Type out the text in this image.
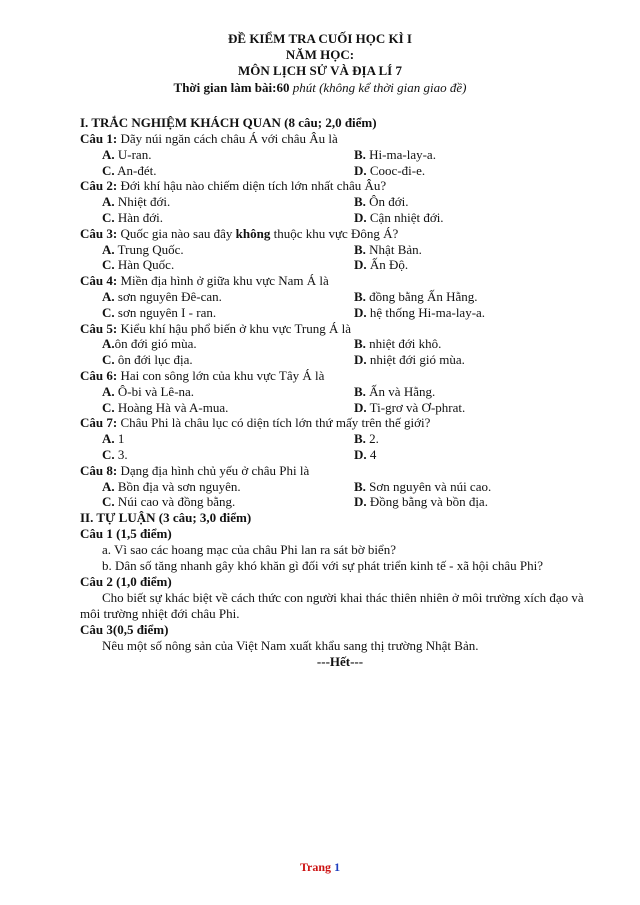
ĐỀ KIỂM TRA CUỐI HỌC KÌ I
NĂM HỌC:
MÔN LỊCH SỬ VÀ ĐỊA LÍ 7
Thời gian làm bài:60 phút (không kể thời gian giao đề)
I. TRẮC NGHIỆM KHÁCH QUAN (8 câu; 2,0 điểm)
Câu 1: Dãy núi ngăn cách châu Á với châu Âu là
A. U-ran.	B. Hi-ma-lay-a.
C. An-đét.	D. Cooc-đi-e.
Câu 2: Đới khí hậu nào chiếm diện tích lớn nhất châu Âu?
A. Nhiệt đới.	B. Ôn đới.
C. Hàn đới.	D. Cận nhiệt đới.
Câu 3: Quốc gia nào sau đây không thuộc khu vực Đông Á?
A. Trung Quốc.	B. Nhật Bản.
C. Hàn Quốc.	D. Ấn Độ.
Câu 4: Miền địa hình ở giữa khu vực Nam Á là
A. sơn nguyên Đê-can.	B. đồng bằng Ấn Hằng.
C. sơn nguyên I - ran.	D. hệ thống Hi-ma-lay-a.
Câu 5: Kiểu khí hậu phổ biến ở khu vực Trung Á là
A.ôn đới gió mùa.	B. nhiệt đới khô.
C. ôn đới lục địa.	D. nhiệt đới gió mùa.
Câu 6: Hai con sông lớn của khu vực Tây Á là
A. Ô-bi và Lê-na.	B. Ấn và Hằng.
C. Hoàng Hà và A-mua.	D. Ti-grơ và Ơ-phrat.
Câu 7: Châu Phi là châu lục có diện tích lớn thứ mấy trên thế giới?
A. 1	B. 2.
C. 3.	D. 4
Câu 8: Dạng địa hình chủ yếu ở châu Phi là
A. Bồn địa và sơn nguyên.	B. Sơn nguyên và núi cao.
C. Núi cao và đồng bằng.	D. Đồng bằng và bồn địa.
II. TỰ LUẬN (3 câu; 3,0 điểm)
Câu 1 (1,5 điểm)
a. Vì sao các hoang mạc của châu Phi lan ra sát bờ biển?
b. Dân số tăng nhanh gây khó khăn gì đối với sự phát triển kinh tế - xã hội châu Phi?
Câu 2 (1,0 điểm)
Cho biết sự khác biệt về cách thức con người khai thác thiên nhiên ở môi trường xích đạo và môi trường nhiệt đới châu Phi.
Câu 3(0,5 điểm)
Nêu một số nông sản của Việt Nam xuất khẩu sang thị trường Nhật Bản.
---Hết---
Trang 1
